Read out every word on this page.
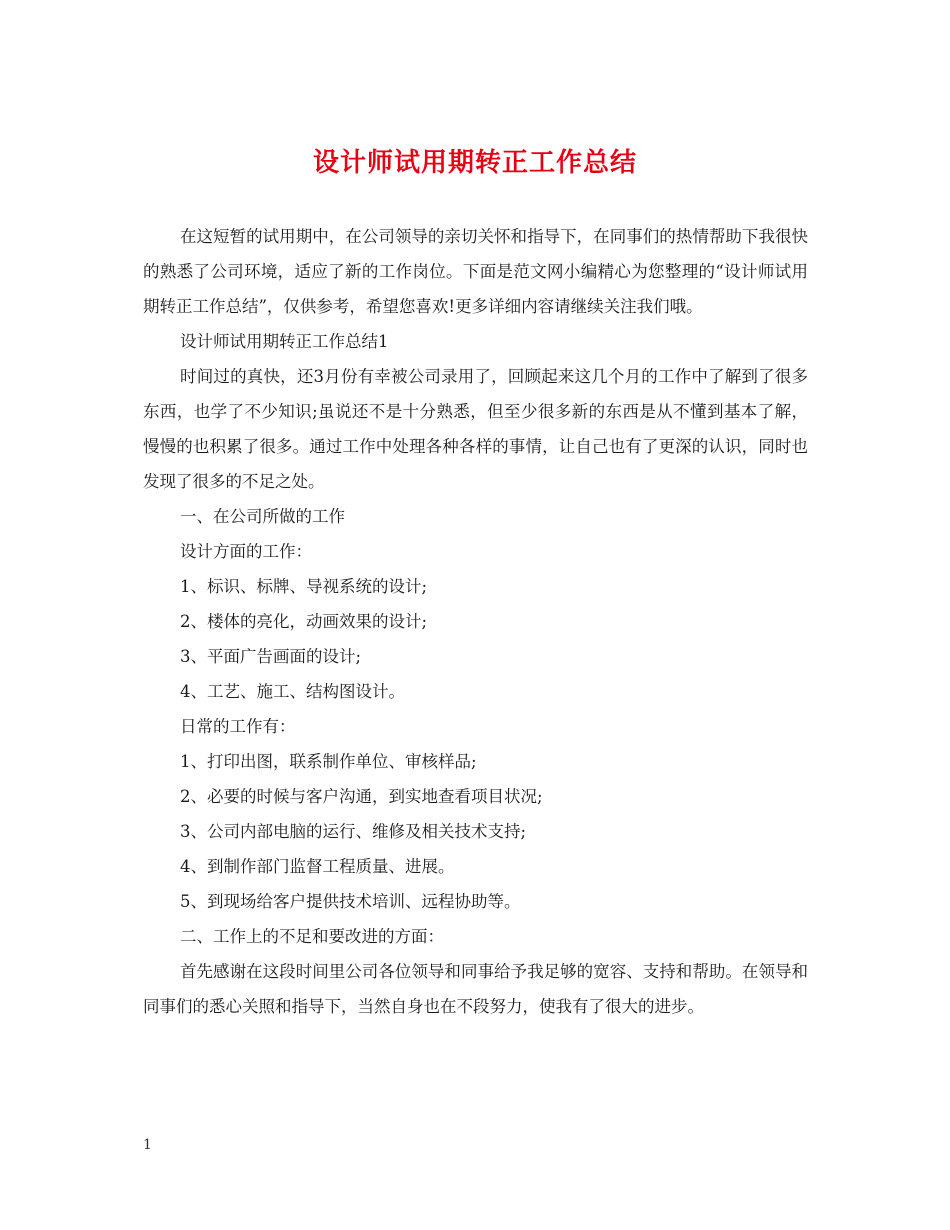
设计师试用期转正工作总结

在这短暂的试用期中，在公司领导的亲切关怀和指导下，在同事们的热情帮助下我很快的熟悉了公司环境，适应了新的工作岗位。下面是范文网小编精心为您整理的“设计师试用期转正工作总结”，仅供参考，希望您喜欢!更多详细内容请继续关注我们哦。

设计师试用期转正工作总结1

时间过的真快，还3月份有幸被公司录用了，回顾起来这几个月的工作中了解到了很多东西，也学了不少知识;虽说还不是十分熟悉，但至少很多新的东西是从不懂到基本了解，慢慢的也积累了很多。通过工作中处理各种各样的事情，让自己也有了更深的认识，同时也发现了很多的不足之处。

一、在公司所做的工作

设计方面的工作：

1、标识、标牌、导视系统的设计;

2、楼体的亮化，动画效果的设计;

3、平面广告画面的设计;

4、工艺、施工、结构图设计。

日常的工作有：

1、打印出图，联系制作单位、审核样品;

2、必要的时候与客户沟通，到实地查看项目状况;

3、公司内部电脑的运行、维修及相关技术支持;

4、到制作部门监督工程质量、进展。

5、到现场给客户提供技术培训、远程协助等。

二、工作上的不足和要改进的方面：

首先感谢在这段时间里公司各位领导和同事给予我足够的宽容、支持和帮助。在领导和同事们的悉心关照和指导下，当然自身也在不段努力，使我有了很大的进步。

1
